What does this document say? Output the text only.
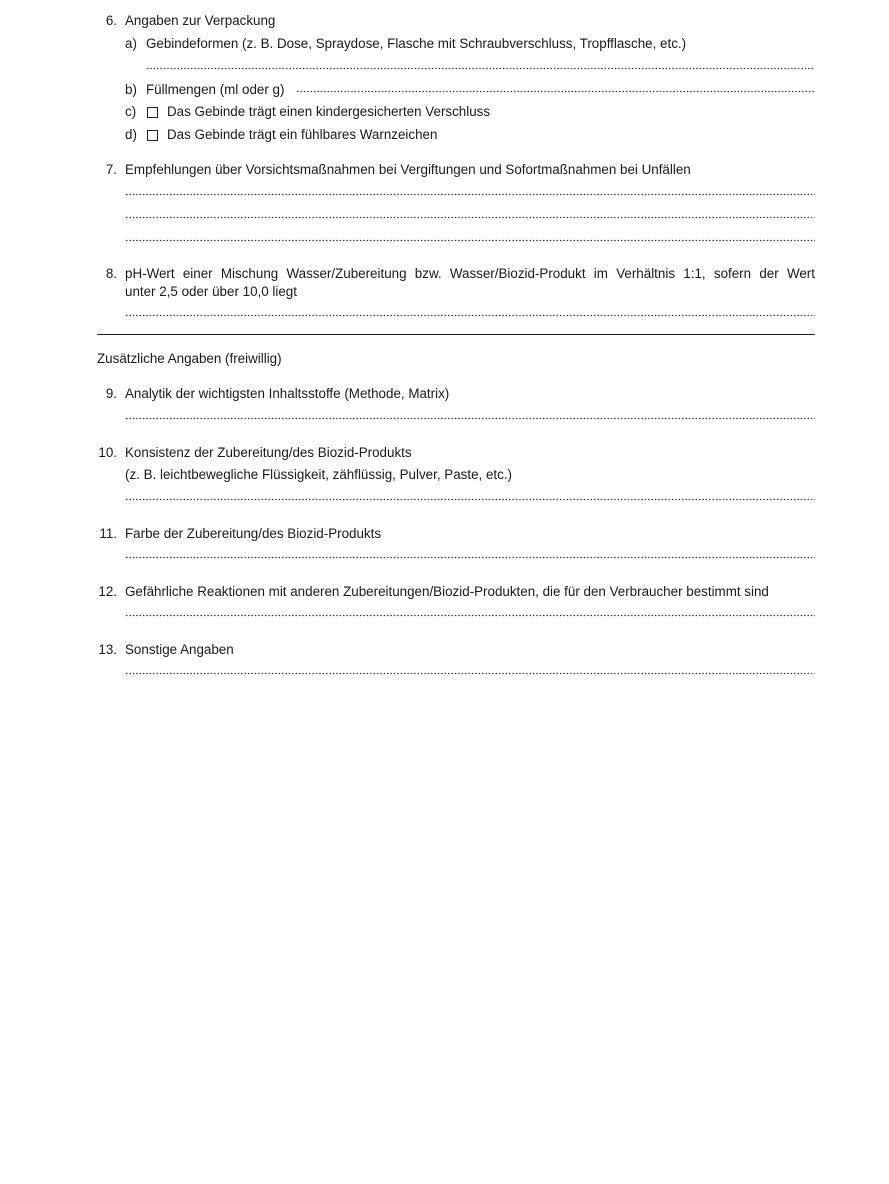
6. Angaben zur Verpackung
a) Gebindeformen (z. B. Dose, Spraydose, Flasche mit Schraubverschluss, Tropfflasche, etc.)
b) Füllmengen (ml oder g)
c) Das Gebinde trägt einen kindergesicherten Verschluss
d) Das Gebinde trägt ein fühlbares Warnzeichen
7. Empfehlungen über Vorsichtsmaßnahmen bei Vergiftungen und Sofortmaßnahmen bei Unfällen
8. pH-Wert einer Mischung Wasser/Zubereitung bzw. Wasser/Biozid-Produkt im Verhältnis 1:1, sofern der Wert
unter 2,5 oder über 10,0 liegt
Zusätzliche Angaben (freiwillig)
9. Analytik der wichtigsten Inhaltsstoffe (Methode, Matrix)
10. Konsistenz der Zubereitung/des Biozid-Produkts
(z. B. leichtbewegliche Flüssigkeit, zähflüssig, Pulver, Paste, etc.)
11. Farbe der Zubereitung/des Biozid-Produkts
12. Gefährliche Reaktionen mit anderen Zubereitungen/Biozid-Produkten, die für den Verbraucher bestimmt sind
13. Sonstige Angaben
